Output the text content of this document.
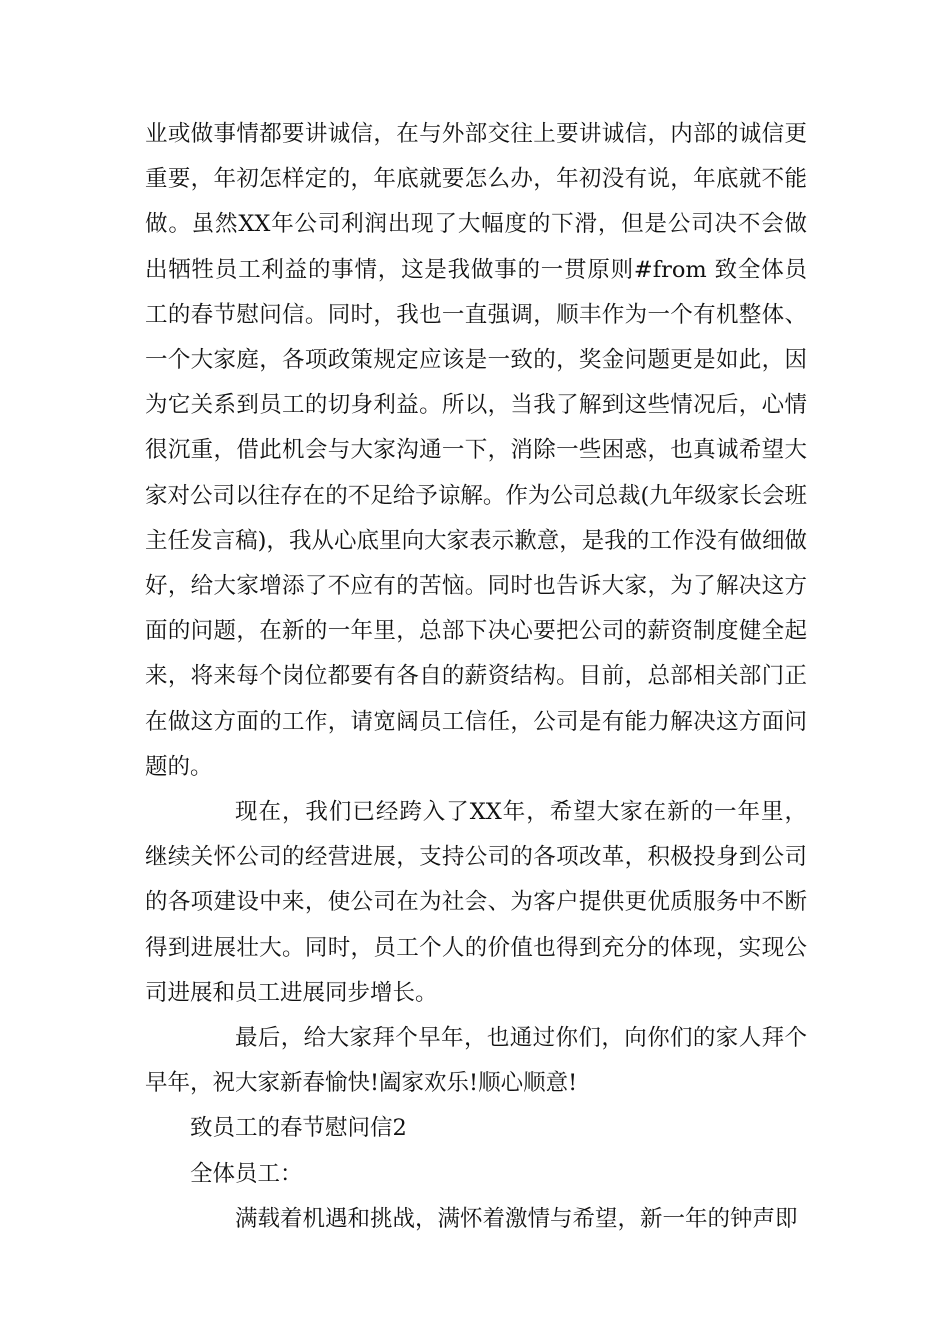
业或做事情都要讲诚信，在与外部交往上要讲诚信，内部的诚信更重要，年初怎样定的，年底就要怎么办，年初没有说，年底就不能做。虽然XX年公司利润出现了大幅度的下滑，但是公司决不会做出牺牲员工利益的事情，这是我做事的一贯原则#from 致全体员工的春节慰问信。同时，我也一直强调，顺丰作为一个有机整体、一个大家庭，各项政策规定应该是一致的，奖金问题更是如此，因为它关系到员工的切身利益。所以，当我了解到这些情况后，心情很沉重，借此机会与大家沟通一下，消除一些困惑，也真诚希望大家对公司以往存在的不足给予谅解。作为公司总裁(九年级家长会班主任发言稿)，我从心底里向大家表示歉意，是我的工作没有做细做好，给大家增添了不应有的苦恼。同时也告诉大家，为了解决这方面的问题，在新的一年里，总部下决心要把公司的薪资制度健全起来，将来每个岗位都要有各自的薪资结构。目前，总部相关部门正在做这方面的工作，请宽阔员工信任，公司是有能力解决这方面问题的。

现在，我们已经跨入了XX年，希望大家在新的一年里，继续关怀公司的经营进展，支持公司的各项改革，积极投身到公司的各项建设中来，使公司在为社会、为客户提供更优质服务中不断得到进展壮大。同时，员工个人的价值也得到充分的体现，实现公司进展和员工进展同步增长。

最后，给大家拜个早年，也通过你们，向你们的家人拜个早年，祝大家新春愉快!阖家欢乐!顺心顺意!

致员工的春节慰问信2

全体员工：

满载着机遇和挑战，满怀着激情与希望，新一年的钟声即
